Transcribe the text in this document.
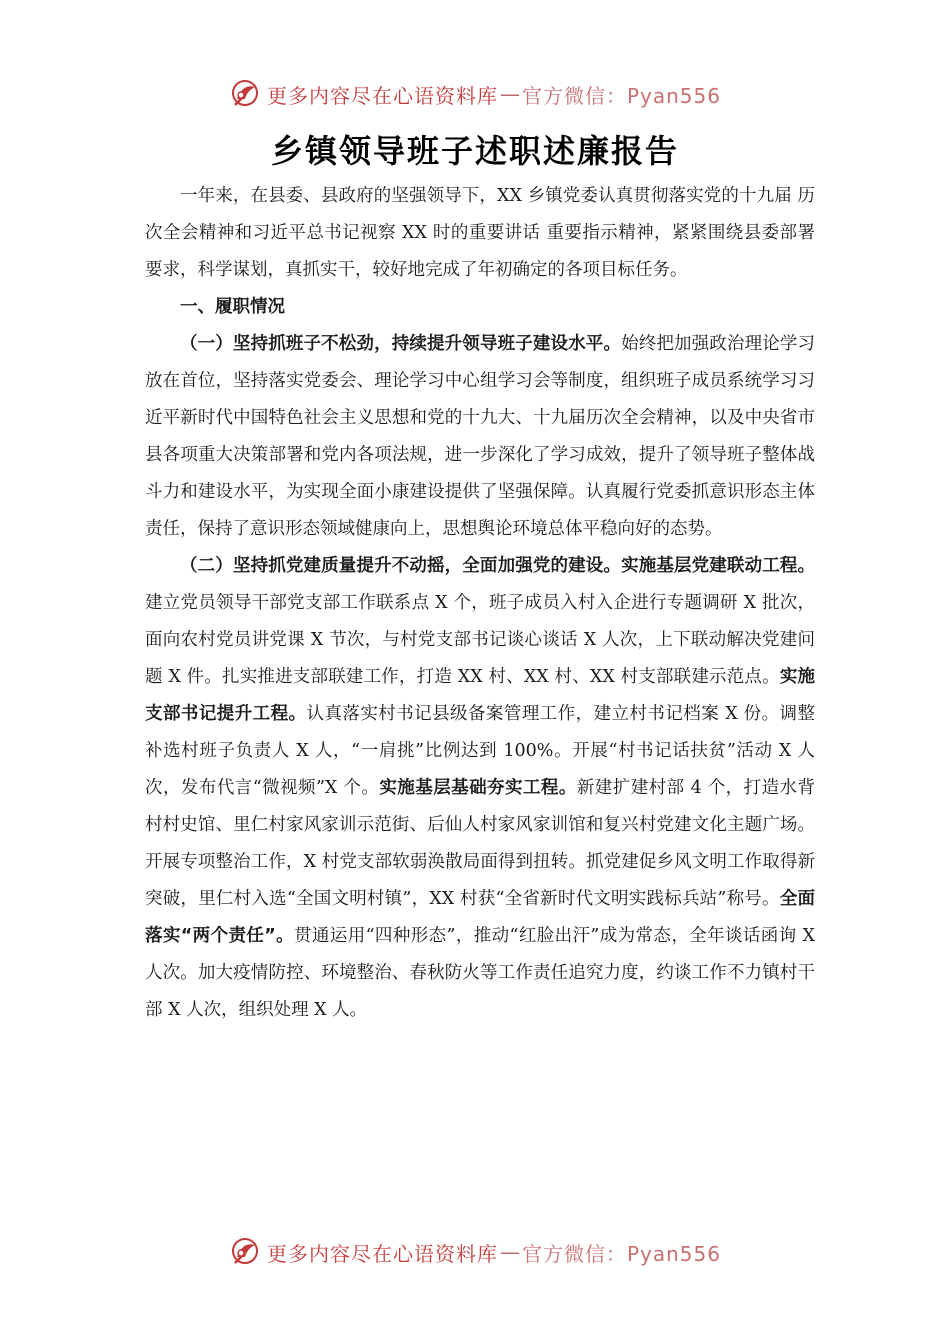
更多内容尽在心语资料库 — 官方微信：Pyan556
乡镇领导班子述职述廉报告

一年来，在县委、县政府的坚强领导下，XX 乡镇党委认真贯彻落实党的十九届 历次全会精神和习近平总书记视察 XX 时的重要讲话 重要指示精神，紧紧围绕县委部署要求，科学谋划，真抓实干，较好地完成了年初确定的各项目标任务。

一、履职情况

（一）坚持抓班子不松劲，持续提升领导班子建设水平。始终把加强政治理论学习放在首位，坚持落实党委会、理论学习中心组学习会等制度，组织班子成员系统学习习近平新时代中国特色社会主义思想和党的十九大、十九届历次全会精神，以及中央省市县各项重大决策部署和党内各项法规，进一步深化了学习成效，提升了领导班子整体战斗力和建设水平，为实现全面小康建设提供了坚强保障。认真履行党委抓意识形态主体责任，保持了意识形态领域健康向上，思想舆论环境总体平稳向好的态势。

（二）坚持抓党建质量提升不动摇，全面加强党的建设。实施基层党建联动工程。建立党员领导干部党支部工作联系点 X 个，班子成员入村入企进行专题调研 X 批次，面向农村党员讲党课 X 节次，与村党支部书记谈心谈话 X 人次，上下联动解决党建问题 X 件。扎实推进支部联建工作，打造 XX 村、XX 村、XX 村支部联建示范点。实施支部书记提升工程。认真落实村书记县级备案管理工作，建立村书记档案 X 份。调整补选村班子负责人 X 人，“一肩挑”比例达到 100%。开展“村书记话扶贫”活动 X 人次，发布代言“微视频”X 个。实施基层基础夯实工程。新建扩建村部 4 个，打造水背村村史馆、里仁村家风家训示范街、后仙人村家风家训馆和复兴村党建文化主题广场。开展专项整治工作，X 村党支部软弱涣散局面得到扭转。抓党建促乡风文明工作取得新突破，里仁村入选“全国文明村镇”，XX 村获“全省新时代文明实践标兵站”称号。全面落实“两个责任”。贯通运用“四种形态”，推动“红脸出汗”成为常态，全年谈话函询 X 人次。加大疫情防控、环境整治、春秋防火等工作责任追究力度，约谈工作不力镇村干部 X 人次，组织处理 X 人。

更多内容尽在心语资料库 — 官方微信：Pyan556
